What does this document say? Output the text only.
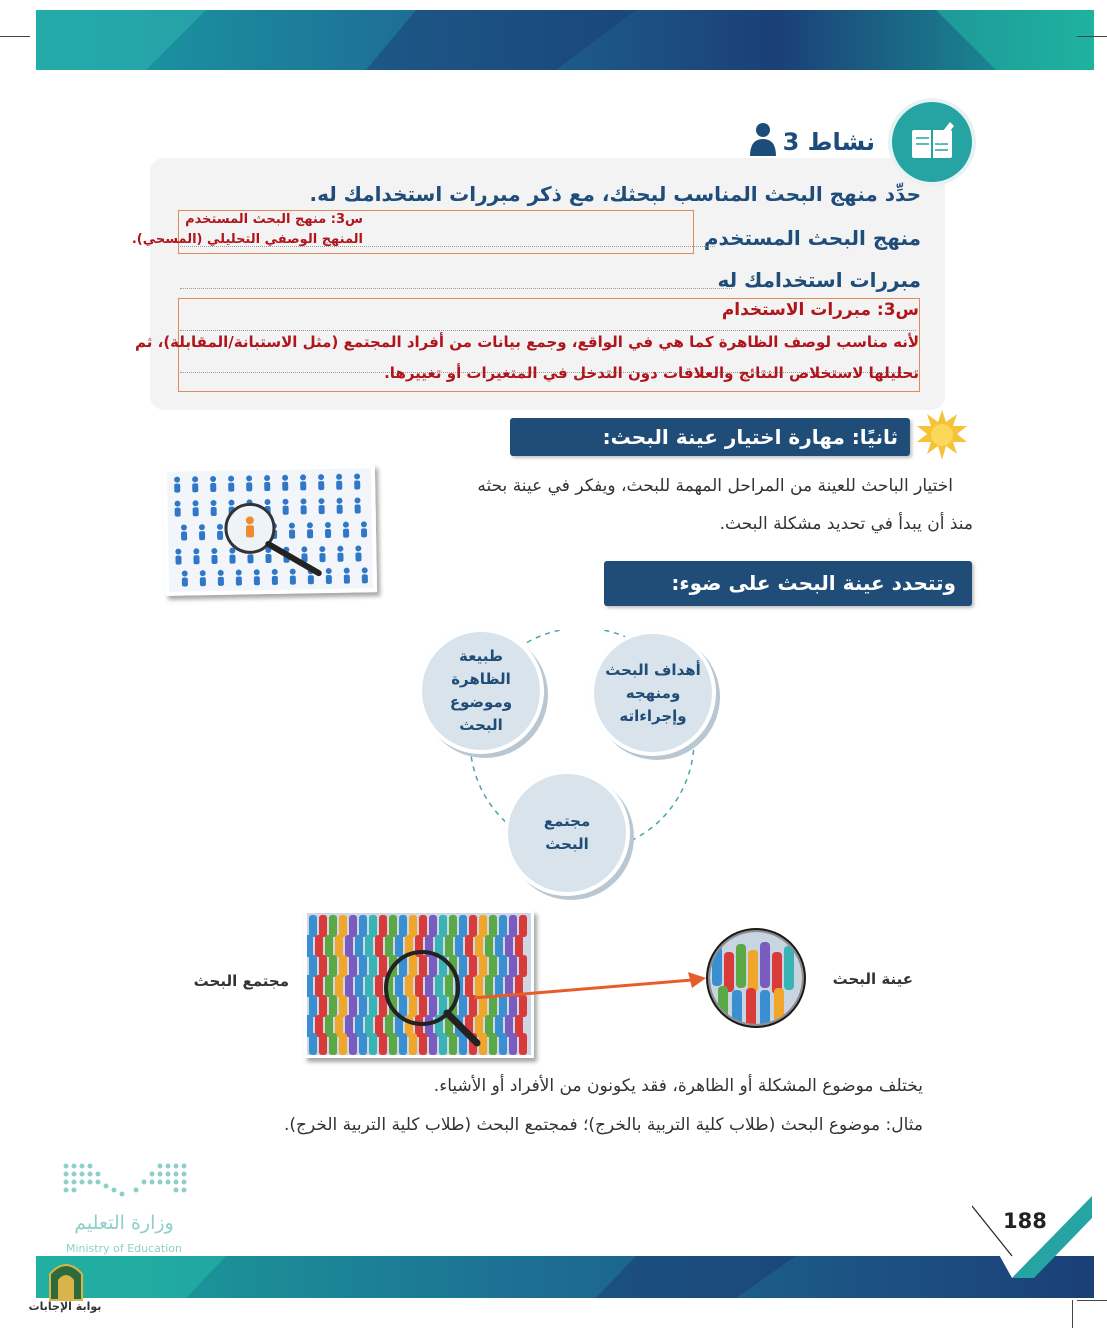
نشاط 3
حدِّد منهج البحث المناسب لبحثك، مع ذكر مبررات استخدامك له.
منهج البحث المستخدم
س3: منهج البحث المستخدم
المنهج الوصفي التحليلي (المسحي).
مبررات استخدامك له
س3: مبررات الاستخدام
لأنه مناسب لوصف الظاهرة كما هي في الواقع، وجمع بيانات من أفراد المجتمع (مثل الاستبانة/المقابلة)، ثم
تحليلها لاستخلاص النتائج والعلاقات دون التدخل في المتغيرات أو تغييرها.
ثانيًا: مهارة اختيار عينة البحث:
اختيار الباحث للعينة من المراحل المهمة للبحث، ويفكر في عينة بحثه
منذ أن يبدأ في تحديد مشكلة البحث.
وتتحدد عينة البحث على ضوء:
طبيعة الظاهرة وموضوع البحث
أهداف البحث ومنهجه وإجراءاته
مجتمع البحث
مجتمع البحث	عينة البحث
يختلف موضوع المشكلة أو الظاهرة، فقد يكونون من الأفراد أو الأشياء.
مثال: موضوع البحث (طلاب كلية التربية بالخرج)؛ فمجتمع البحث (طلاب كلية التربية الخرج).
وزارة التعليم
Ministry of Education
188
بوابة الإجابات
